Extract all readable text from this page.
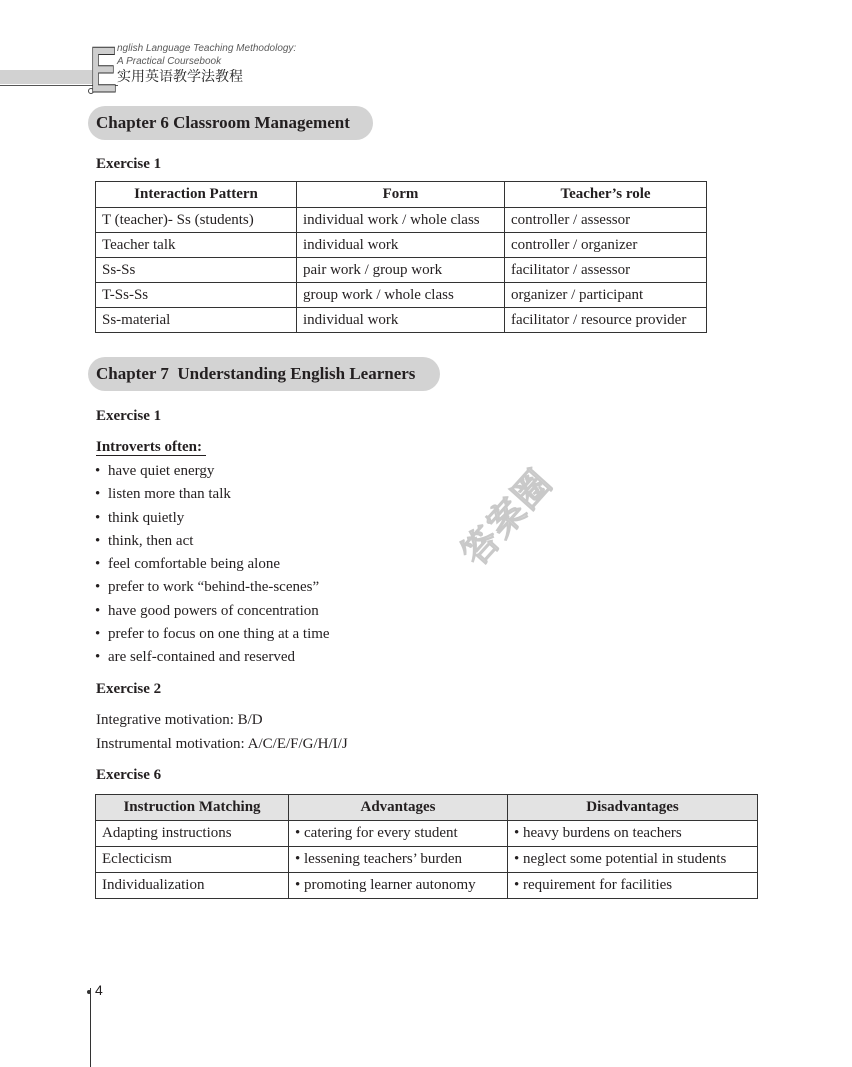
E nglish Language Teaching Methodology:
A Practical Coursebook
实用英语教学法教程
Chapter 6 Classroom Management
Exercise 1
Interaction Pattern	Form	Teacher’s role
T (teacher)- Ss (students)	individual work / whole class	controller / assessor
Teacher talk	individual work	controller / organizer
Ss-Ss	pair work / group work	facilitator / assessor
T-Ss-Ss	group work / whole class	organizer / participant
Ss-material	individual work	facilitator / resource provider
Chapter 7  Understanding English Learners
Exercise 1
Introverts often:
• have quiet energy
• listen more than talk
• think quietly
• think, then act
• feel comfortable being alone
• prefer to work “behind-the-scenes”
• have good powers of concentration
• prefer to focus on one thing at a time
• are self-contained and reserved
答案圈
Exercise 2
Integrative motivation: B/D
Instrumental motivation: A/C/E/F/G/H/I/J
Exercise 6
Instruction Matching	Advantages	Disadvantages
Adapting instructions	• catering for every student	• heavy burdens on teachers
Eclecticism	• lessening teachers’ burden	• neglect some potential in students
Individualization	• promoting learner autonomy	• requirement for facilities
4
